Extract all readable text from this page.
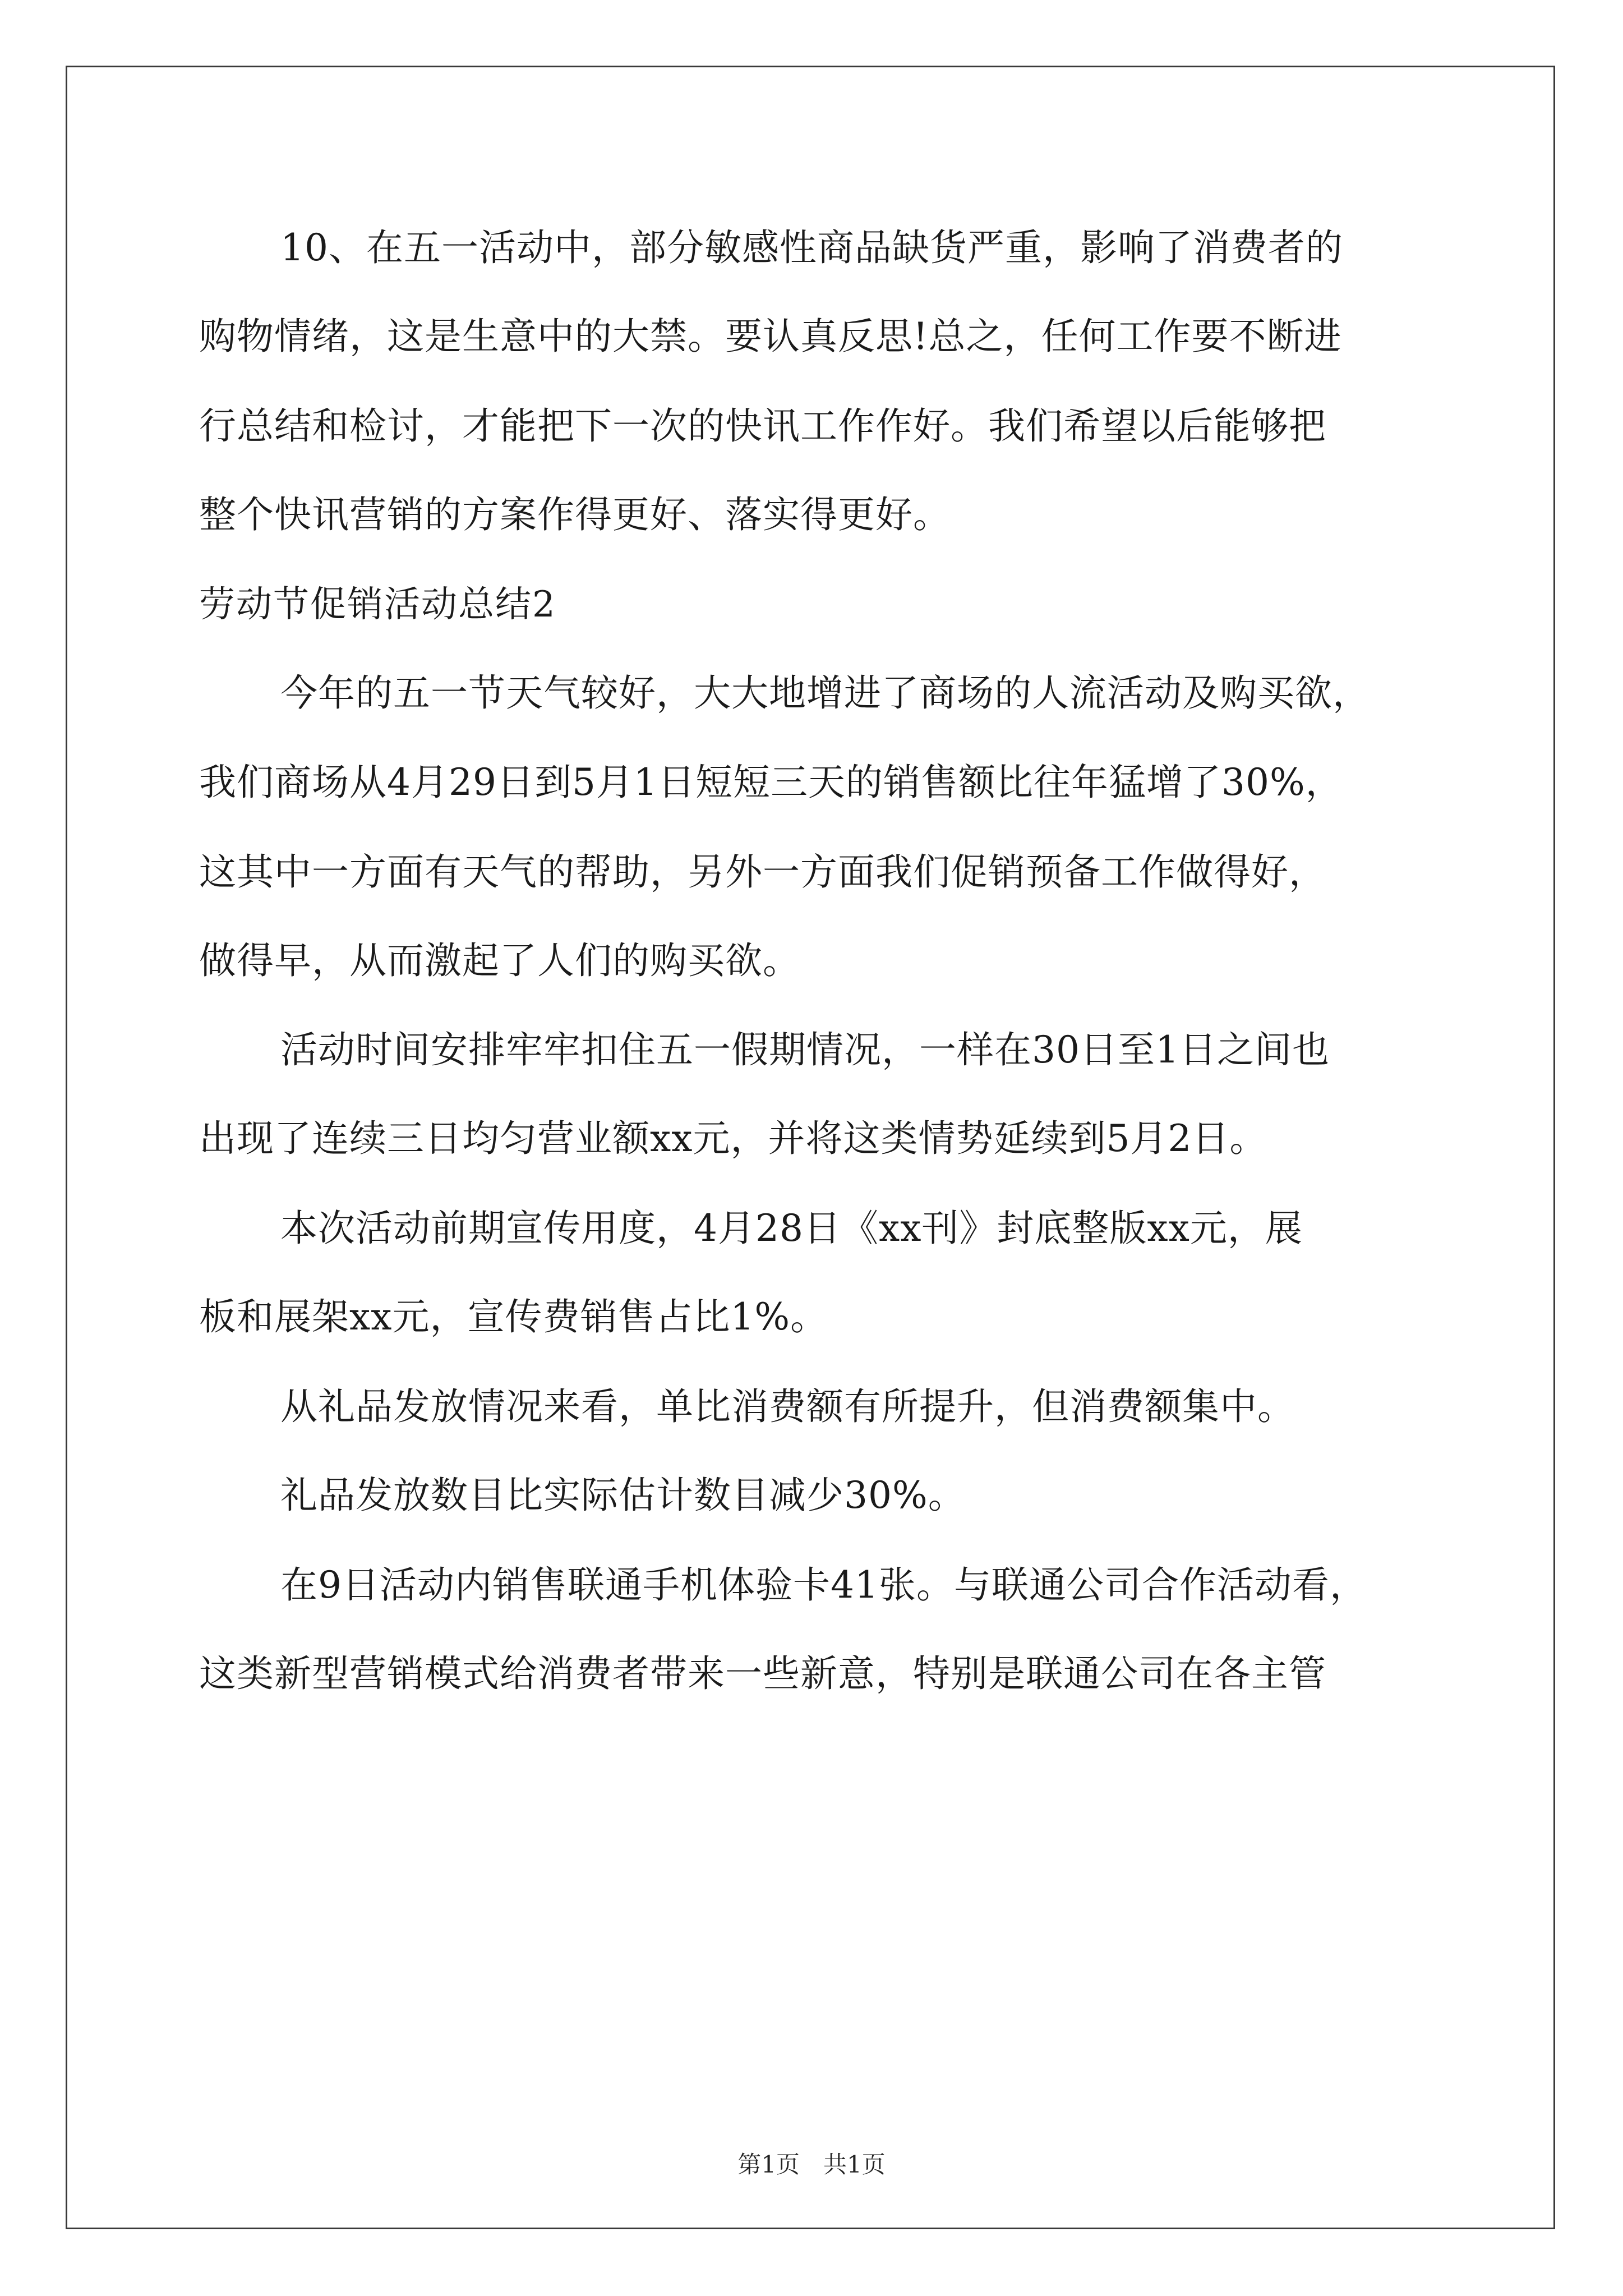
10、在五一活动中，部分敏感性商品缺货严重，影响了消费者的
购物情绪，这是生意中的大禁。要认真反思!总之，任何工作要不断进
行总结和检讨，才能把下一次的快讯工作作好。我们希望以后能够把
整个快讯营销的方案作得更好、落实得更好。
劳动节促销活动总结2
今年的五一节天气较好，大大地增进了商场的人流活动及购买欲，
我们商场从4月29日到5月1日短短三天的销售额比往年猛增了30%，
这其中一方面有天气的帮助，另外一方面我们促销预备工作做得好，
做得早，从而激起了人们的购买欲。
活动时间安排牢牢扣住五一假期情况，一样在30日至1日之间也
出现了连续三日均匀营业额xx元，并将这类情势延续到5月2日。
本次活动前期宣传用度，4月28日《xx刊》封底整版xx元，展
板和展架xx元，宣传费销售占比1%。
从礼品发放情况来看，单比消费额有所提升，但消费额集中。
礼品发放数目比实际估计数目减少30%。
在9日活动内销售联通手机体验卡41张。与联通公司合作活动看，
这类新型营销模式给消费者带来一些新意，特别是联通公司在各主管
第1页　共1页
